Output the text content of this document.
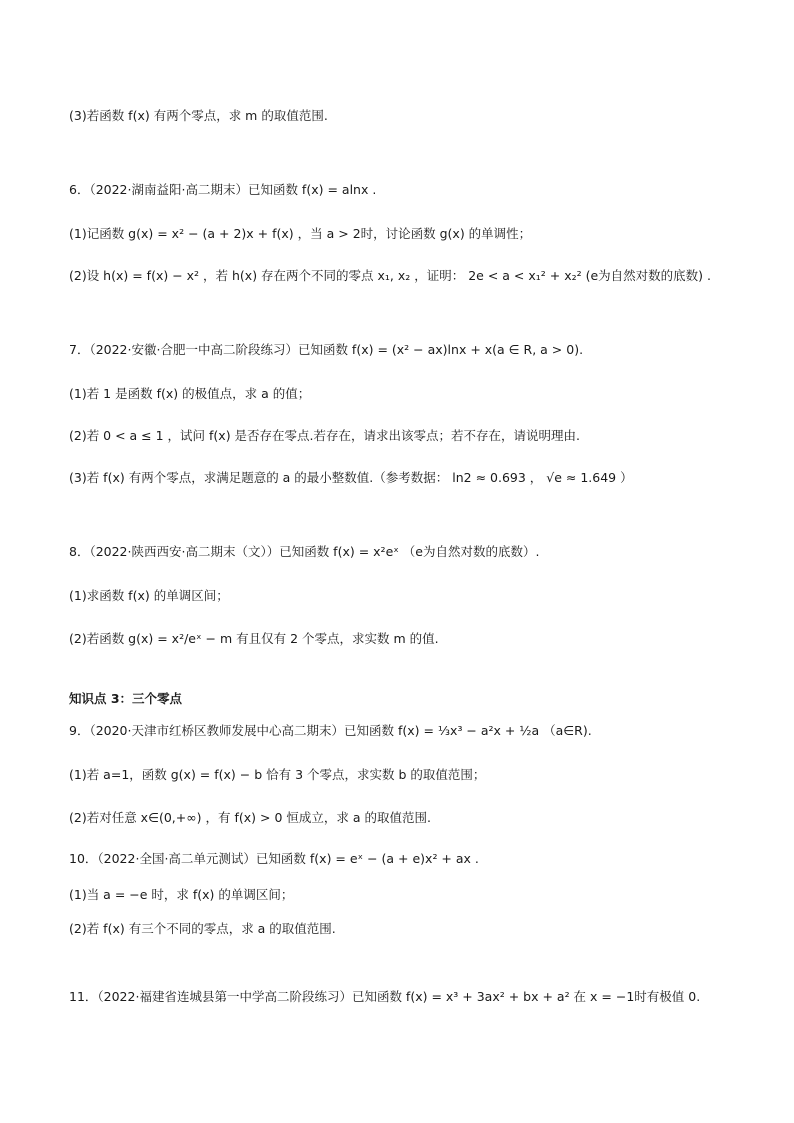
(3)若函数 f(x) 有两个零点，求 m 的取值范围.
6．（2022·湖南益阳·高二期末）已知函数 f(x) = alnx .
(1)记函数 g(x) = x² − (a + 2)x + f(x) ，当 a > 2时，讨论函数 g(x) 的单调性；
(2)设 h(x) = f(x) − x² ，若 h(x) 存在两个不同的零点 x₁, x₂ ，证明： 2e < a < x₁² + x₂² (e为自然对数的底数) .
7．（2022·安徽·合肥一中高二阶段练习）已知函数 f(x) = (x² − ax)lnx + x(a ∈ R, a > 0).
(1)若 1 是函数 f(x) 的极值点，求 a 的值；
(2)若 0 < a ≤ 1 ，试问 f(x) 是否存在零点.若存在，请求出该零点；若不存在，请说明理由.
(3)若 f(x) 有两个零点，求满足题意的 a 的最小整数值.（参考数据： ln2 ≈ 0.693 ， √e ≈ 1.649 ）
8．（2022·陕西西安·高二期末（文））已知函数 f(x) = x²eˣ （e为自然对数的底数）.
(1)求函数 f(x) 的单调区间；
(2)若函数 g(x) = x²/eˣ − m 有且仅有 2 个零点，求实数 m 的值.
知识点 3：三个零点
9．（2020·天津市红桥区教师发展中心高二期末）已知函数 f(x) = ⅓x³ − a²x + ½a （a∈R).
(1)若 a=1，函数 g(x) = f(x) − b 恰有 3 个零点，求实数 b 的取值范围；
(2)若对任意 x∈(0,+∞) ，有 f(x) > 0 恒成立，求 a 的取值范围.
10．（2022·全国·高二单元测试）已知函数 f(x) = eˣ − (a + e)x² + ax .
(1)当 a = −e 时，求 f(x) 的单调区间；
(2)若 f(x) 有三个不同的零点，求 a 的取值范围.
11．（2022·福建省连城县第一中学高二阶段练习）已知函数 f(x) = x³ + 3ax² + bx + a² 在 x = −1时有极值 0.
